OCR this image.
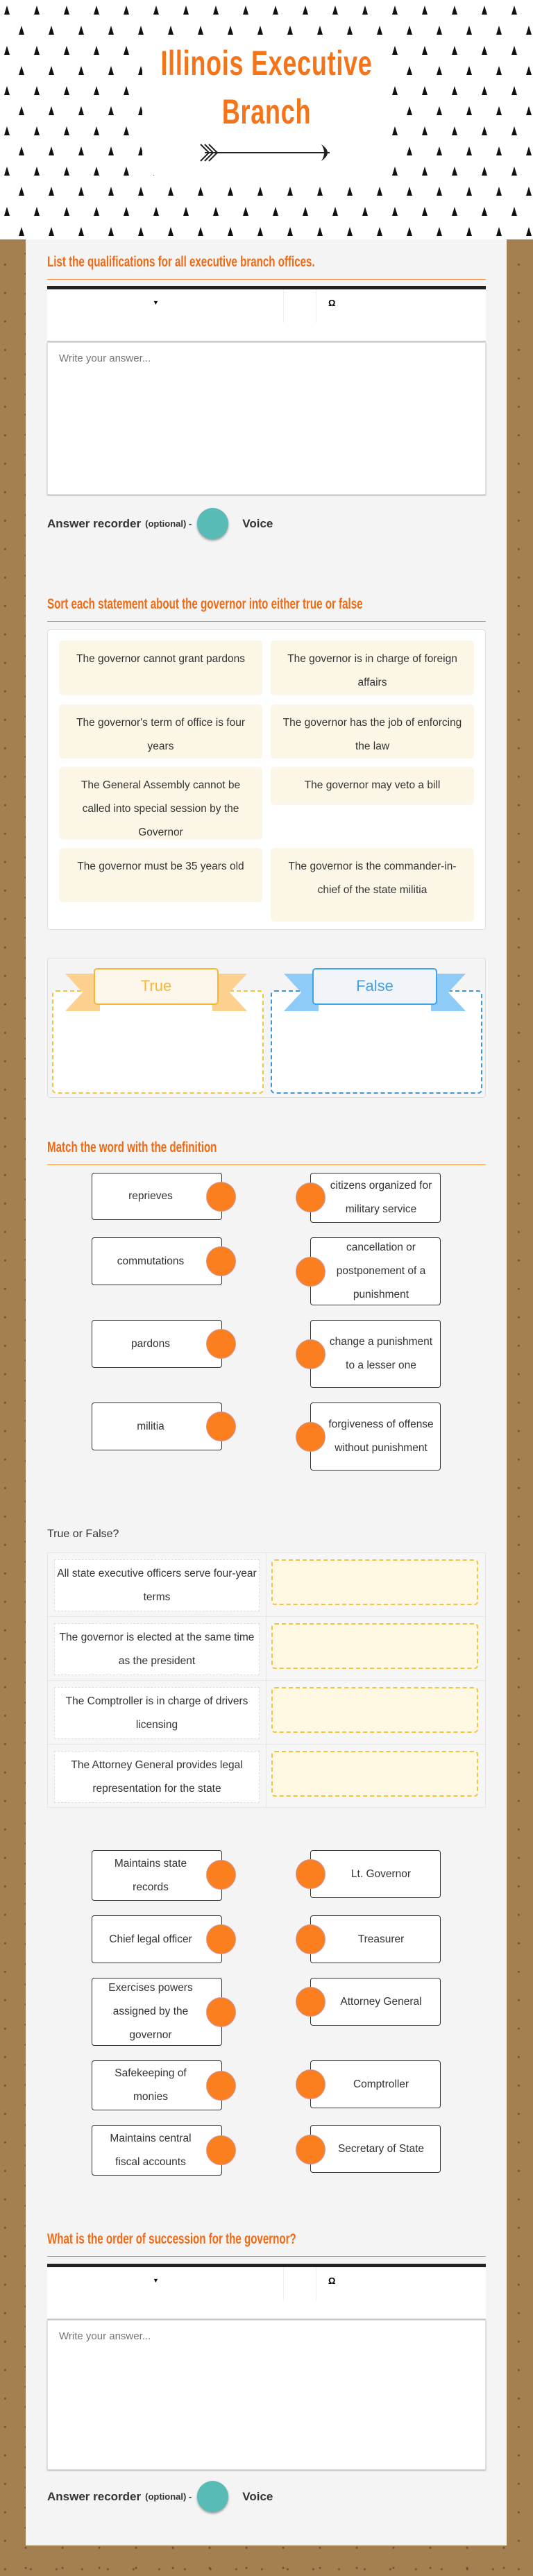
Illinois Executive
Branch
List the qualifications for all executive branch offices.
▼	Ω
Write your answer...
Answer recorder (optional) -	Voice
Sort each statement about the governor into either true or false
The governor cannot grant pardons	The governor is in charge of foreign affairs
The governor's term of office is four years
The governor has the job of enforcing the law
The General Assembly cannot be called into special session by the Governor
The governor may veto a bill
The governor must be 35 years old	The governor is the commander-in-chief of the state militia
True	False
Match the word with the definition
reprieves
commutations
pardons
militia
citizens organized for military service
cancellation or postponement of a punishment
change a punishment to a lesser one
forgiveness of offense without punishment
True or False?
All state executive officers serve four-year terms
The governor is elected at the same time as the president
The Comptroller is in charge of drivers licensing
The Attorney General provides legal representation for the state
Maintains state records
Chief legal officer
Exercises powers assigned by the governor
Safekeeping of monies
Maintains central fiscal accounts
Lt. Governor
Treasurer
Attorney General
Comptroller
Secretary of State
What is the order of succession for the governor?
▼	Ω
Write your answer...
Answer recorder (optional) -	Voice
